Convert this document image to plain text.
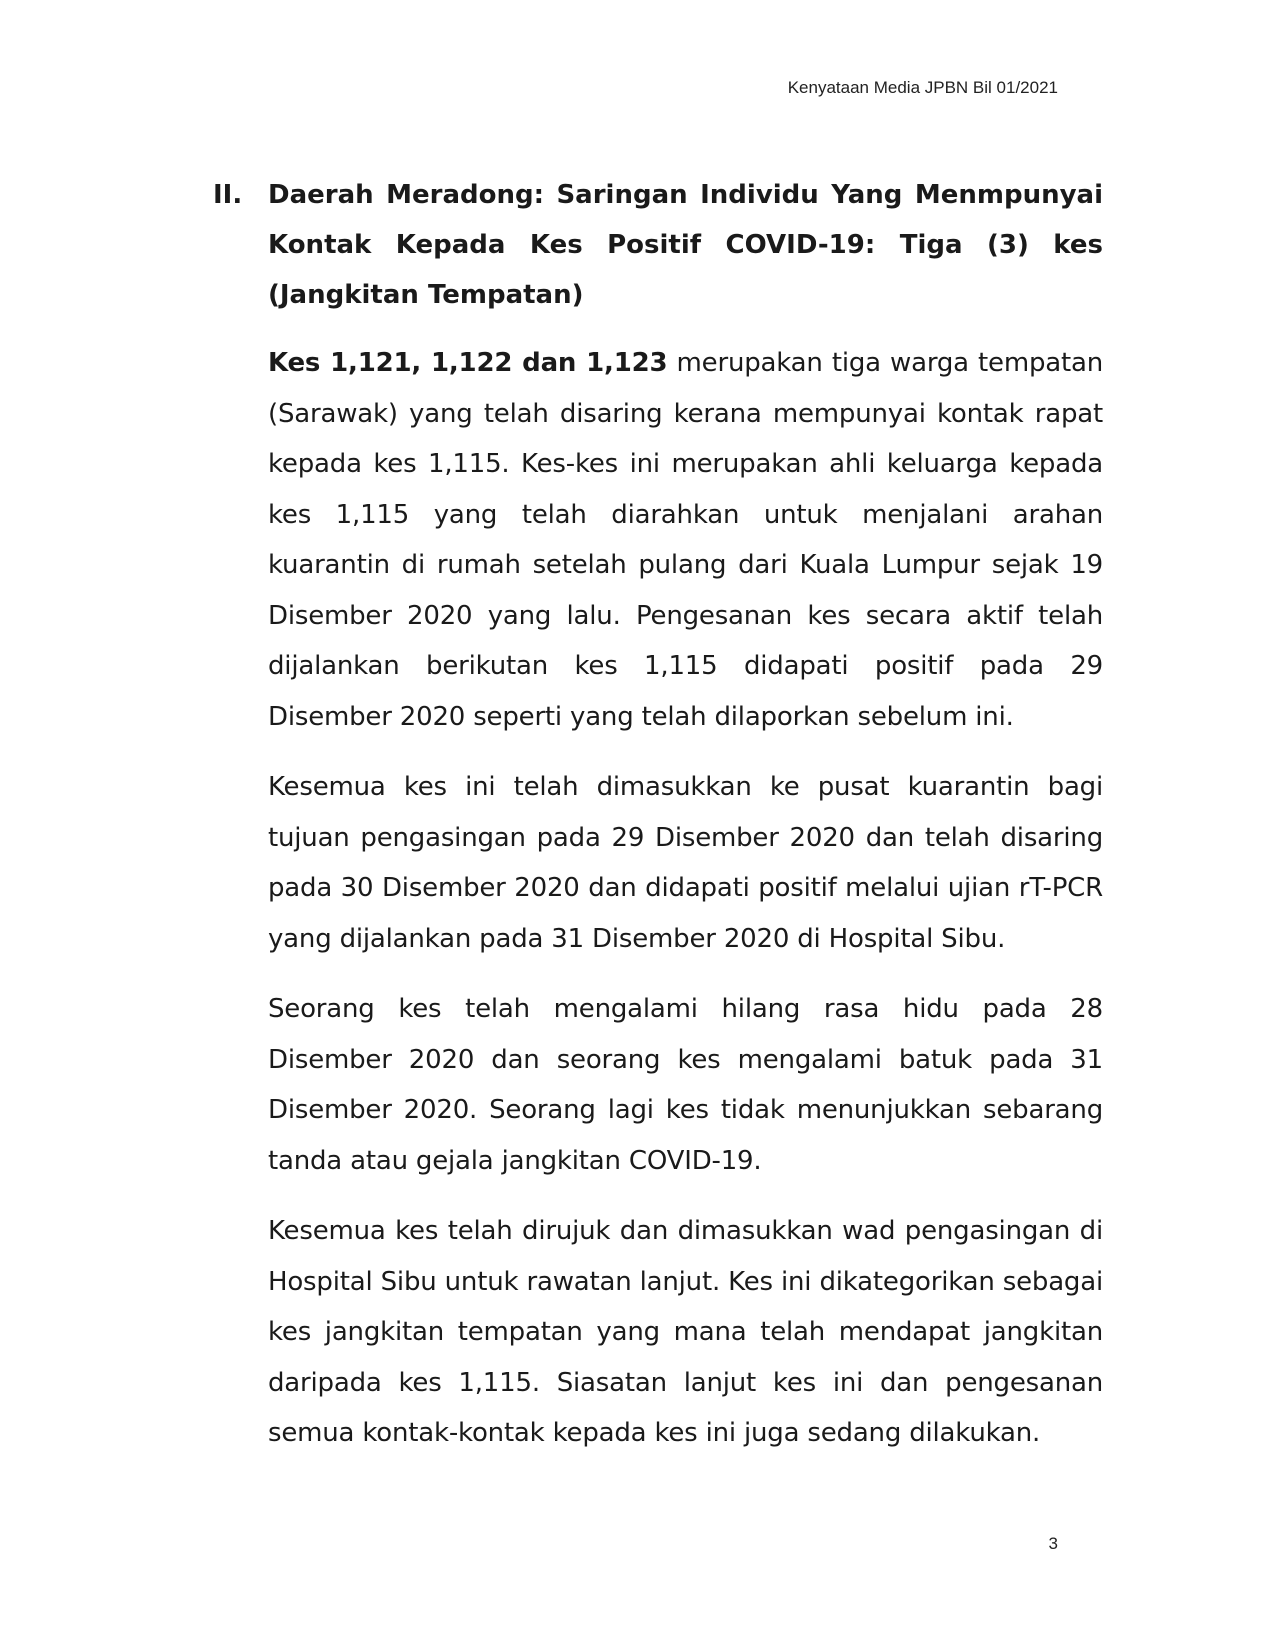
Kenyataan Media JPBN Bil 01/2021
II. Daerah Meradong: Saringan Individu Yang Menmpunyai Kontak Kepada Kes Positif COVID-19: Tiga (3) kes (Jangkitan Tempatan)

Kes 1,121, 1,122 dan 1,123 merupakan tiga warga tempatan (Sarawak) yang telah disaring kerana mempunyai kontak rapat kepada kes 1,115. Kes-kes ini merupakan ahli keluarga kepada kes 1,115 yang telah diarahkan untuk menjalani arahan kuarantin di rumah setelah pulang dari Kuala Lumpur sejak 19 Disember 2020 yang lalu. Pengesanan kes secara aktif telah dijalankan berikutan kes 1,115 didapati positif pada 29 Disember 2020 seperti yang telah dilaporkan sebelum ini.

Kesemua kes ini telah dimasukkan ke pusat kuarantin bagi tujuan pengasingan pada 29 Disember 2020 dan telah disaring pada 30 Disember 2020 dan didapati positif melalui ujian rT-PCR yang dijalankan pada 31 Disember 2020 di Hospital Sibu.

Seorang kes telah mengalami hilang rasa hidu pada 28 Disember 2020 dan seorang kes mengalami batuk pada 31 Disember 2020. Seorang lagi kes tidak menunjukkan sebarang tanda atau gejala jangkitan COVID-19.

Kesemua kes telah dirujuk dan dimasukkan wad pengasingan di Hospital Sibu untuk rawatan lanjut. Kes ini dikategorikan sebagai kes jangkitan tempatan yang mana telah mendapat jangkitan daripada kes 1,115. Siasatan lanjut kes ini dan pengesanan semua kontak-kontak kepada kes ini juga sedang dilakukan.

3
